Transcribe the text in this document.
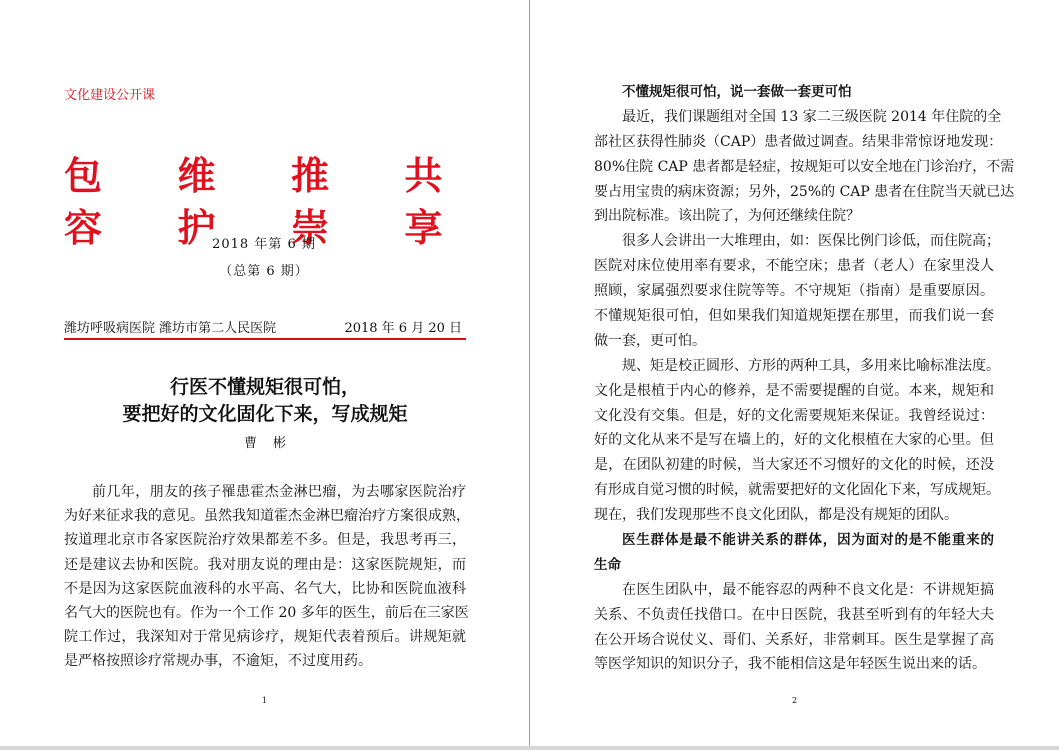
文化建设公开课
包容
维护
推崇
共享
2018 年第 6 期
（总第 6 期）
潍坊呼吸病医院 潍坊市第二人民医院	2018 年 6 月 20 日
行医不懂规矩很可怕，
要把好的文化固化下来，写成规矩
曹彬
前几年，朋友的孩子罹患霍杰金淋巴瘤，为去哪家医院治疗
为好来征求我的意见。虽然我知道霍杰金淋巴瘤治疗方案很成熟，
按道理北京市各家医院治疗效果都差不多。但是，我思考再三，
还是建议去协和医院。我对朋友说的理由是：这家医院规矩，而
不是因为这家医院血液科的水平高、名气大，比协和医院血液科
名气大的医院也有。作为一个工作 20 多年的医生，前后在三家医
院工作过，我深知对于常见病诊疗，规矩代表着预后。讲规矩就
是严格按照诊疗常规办事，不逾矩，不过度用药。
1
不懂规矩很可怕，说一套做一套更可怕
最近，我们课题组对全国 13 家二三级医院 2014 年住院的全
部社区获得性肺炎（CAP）患者做过调查。结果非常惊讶地发现：
80%住院 CAP 患者都是轻症，按规矩可以安全地在门诊治疗，不需
要占用宝贵的病床资源；另外，25%的 CAP 患者在住院当天就已达
到出院标准。该出院了，为何还继续住院？
很多人会讲出一大堆理由，如：医保比例门诊低，而住院高；
医院对床位使用率有要求，不能空床；患者（老人）在家里没人
照顾，家属强烈要求住院等等。不守规矩（指南）是重要原因。
不懂规矩很可怕，但如果我们知道规矩摆在那里，而我们说一套
做一套，更可怕。
规、矩是校正圆形、方形的两种工具，多用来比喻标准法度。
文化是根植于内心的修养，是不需要提醒的自觉。本来，规矩和
文化没有交集。但是，好的文化需要规矩来保证。我曾经说过：
好的文化从来不是写在墙上的，好的文化根植在大家的心里。但
是，在团队初建的时候，当大家还不习惯好的文化的时候，还没
有形成自觉习惯的时候，就需要把好的文化固化下来，写成规矩。
现在，我们发现那些不良文化团队，都是没有规矩的团队。
医生群体是最不能讲关系的群体，因为面对的是不能重来的
生命
在医生团队中，最不能容忍的两种不良文化是：不讲规矩搞
关系、不负责任找借口。在中日医院，我甚至听到有的年轻大夫
在公开场合说仗义、哥们、关系好，非常刺耳。医生是掌握了高
等医学知识的知识分子，我不能相信这是年轻医生说出来的话。
2
